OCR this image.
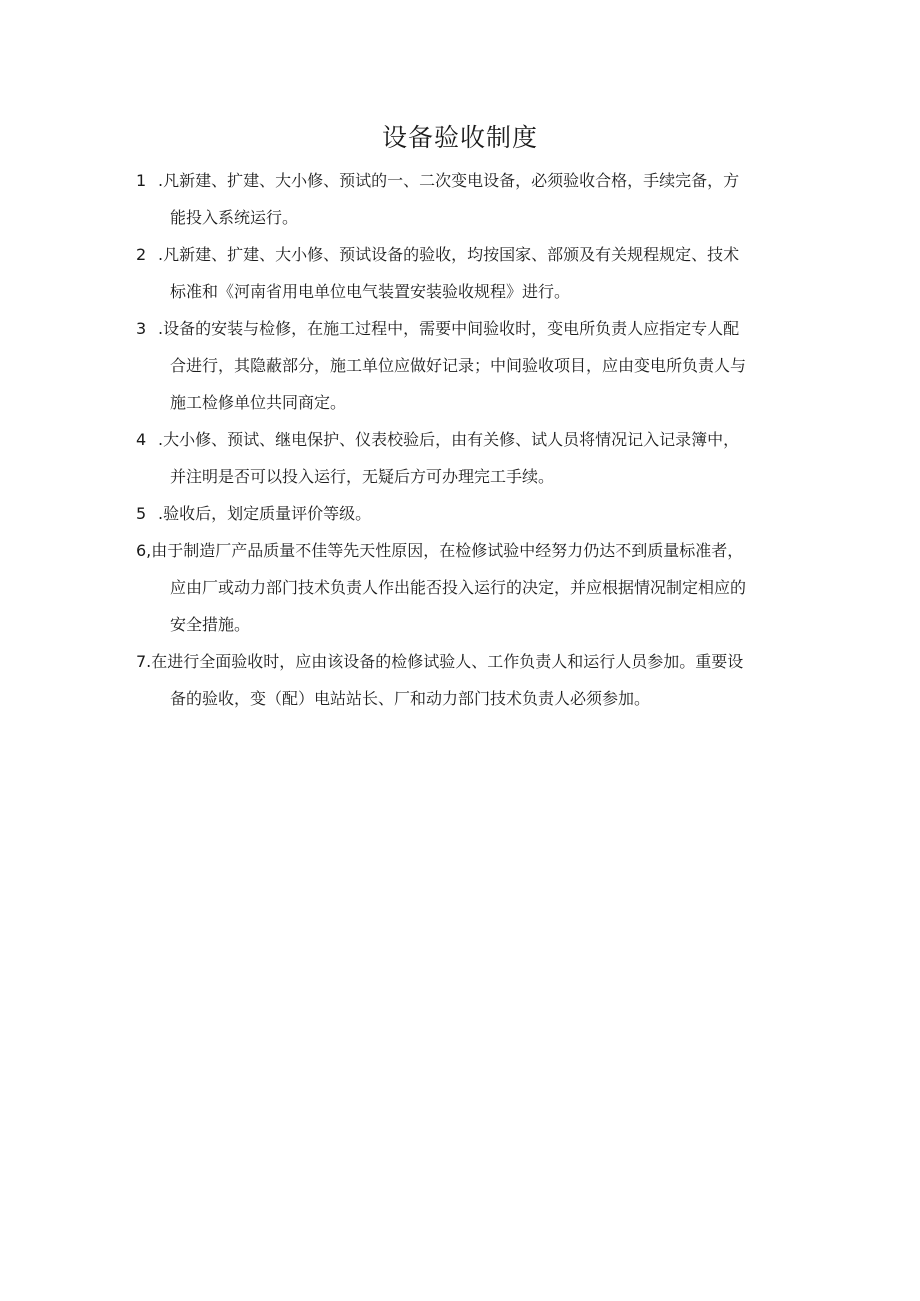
设备验收制度
1 .凡新建、扩建、大小修、预试的一、二次变电设备，必须验收合格，手续完备，方
能投入系统运行。
2 .凡新建、扩建、大小修、预试设备的验收，均按国家、部颁及有关规程规定、技术
标准和《河南省用电单位电气装置安装验收规程》进行。
3 .设备的安装与检修，在施工过程中，需要中间验收时，变电所负责人应指定专人配
合进行，其隐蔽部分，施工单位应做好记录；中间验收项目，应由变电所负责人与
施工检修单位共同商定。
4 .大小修、预试、继电保护、仪表校验后，由有关修、试人员将情况记入记录簿中，
并注明是否可以投入运行，无疑后方可办理完工手续。
5 .验收后，划定质量评价等级。
6,由于制造厂产品质量不佳等先天性原因，在检修试验中经努力仍达不到质量标准者，
应由厂或动力部门技术负责人作出能否投入运行的决定，并应根据情况制定相应的
安全措施。
7.在进行全面验收时，应由该设备的检修试验人、工作负责人和运行人员参加。重要设
备的验收，变（配）电站站长、厂和动力部门技术负责人必须参加。
